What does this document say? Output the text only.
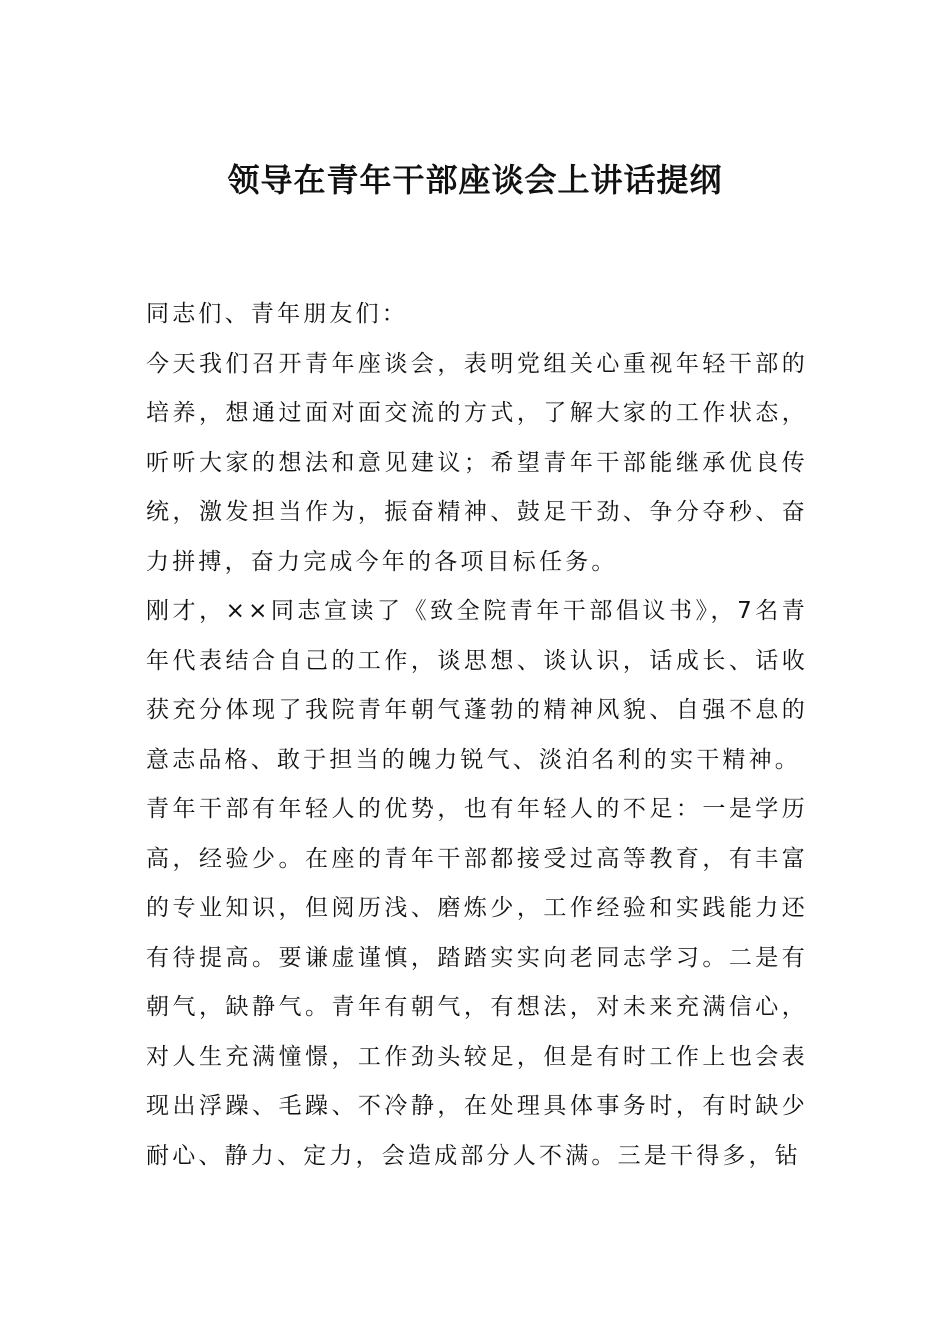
领导在青年干部座谈会上讲话提纲

同志们、青年朋友们：

今天我们召开青年座谈会，表明党组关心重视年轻干部的培养，想通过面对面交流的方式，了解大家的工作状态，听听大家的想法和意见建议；希望青年干部能继承优良传统，激发担当作为，振奋精神、鼓足干劲、争分夺秒、奋力拼搏，奋力完成今年的各项目标任务。

刚才，××同志宣读了《致全院青年干部倡议书》，7名青年代表结合自己的工作，谈思想、谈认识，话成长、话收获充分体现了我院青年朝气蓬勃的精神风貌、自强不息的意志品格、敢于担当的魄力锐气、淡泊名利的实干精神。

青年干部有年轻人的优势，也有年轻人的不足：一是学历高，经验少。在座的青年干部都接受过高等教育，有丰富的专业知识，但阅历浅、磨炼少，工作经验和实践能力还有待提高。要谦虚谨慎，踏踏实实向老同志学习。二是有朝气，缺静气。青年有朝气，有想法，对未来充满信心，对人生充满憧憬，工作劲头较足，但是有时工作上也会表现出浮躁、毛躁、不冷静，在处理具体事务时，有时缺少耐心、静力、定力，会造成部分人不满。三是干得多，钻
